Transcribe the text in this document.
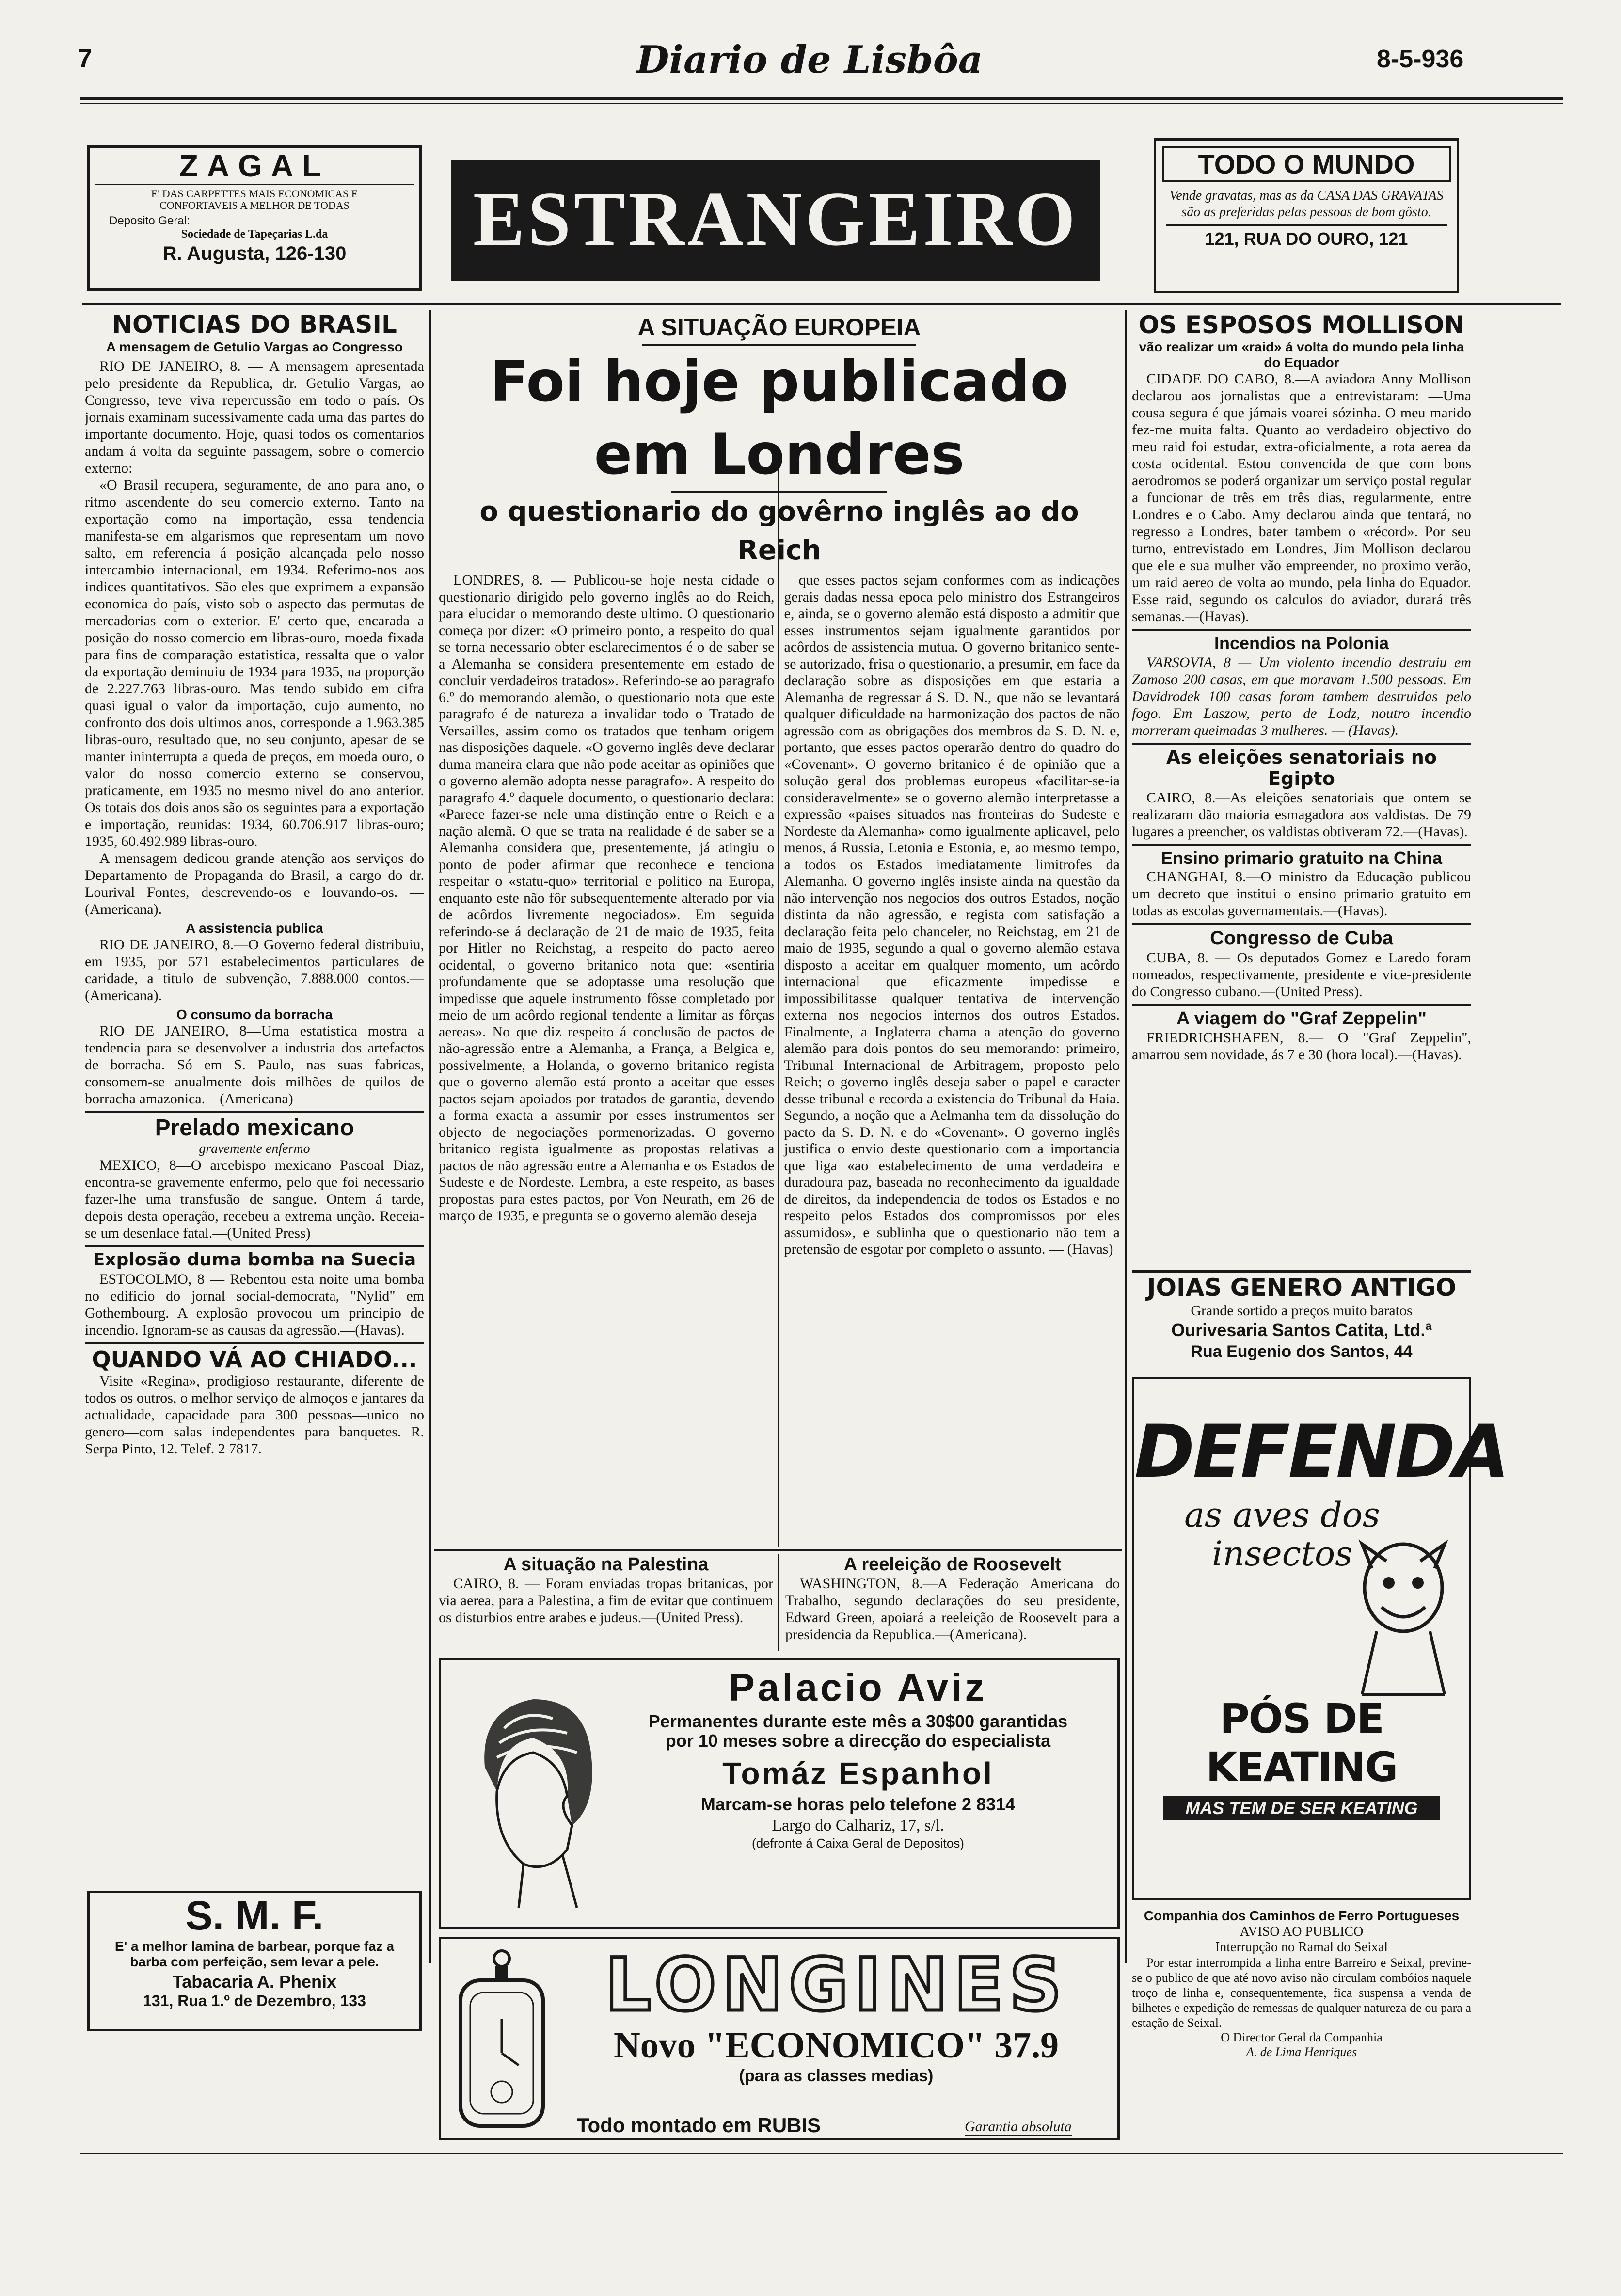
7	Diario de Lisbôa	8-5-936
ZAGAL
E' DAS CARPETTES MAIS ECONOMICAS E CONFORTAVEIS A MELHOR DE TODAS
Deposito Geral:
Sociedade de Tapeçarias L.da
R. Augusta, 126-130	ESTRANGEIRO
TODO O MUNDO
Vende gravatas, mas as da CASA DAS GRAVATAS são as preferidas pelas pessoas de bom gôsto.
121, RUA DO OURO, 121
NOTICIAS DO BRASIL
A mensagem de Getulio Vargas ao Congresso

RIO DE JANEIRO, 8. — A mensagem apresentada pelo presidente da Republica, dr. Getulio Vargas, ao Congresso, teve viva repercussão em todo o país. Os jornais examinam sucessivamente cada uma das partes do importante documento. Hoje, quasi todos os comentarios andam á volta da seguinte passagem, sobre o comercio externo:

«O Brasil recupera, seguramente, de ano para ano, o ritmo ascendente do seu comercio externo. Tanto na exportação como na importação, essa tendencia manifesta-se em algarismos que representam um novo salto, em referencia á posição alcançada pelo nosso intercambio internacional, em 1934. Referimo-nos aos indices quantitativos. São eles que exprimem a expansão economica do país, visto sob o aspecto das permutas de mercadorias com o exterior. E' certo que, encarada a posição do nosso comercio em libras-ouro, moeda fixada para fins de comparação estatistica, ressalta que o valor da exportação deminuiu de 1934 para 1935, na proporção de 2.227.763 libras-ouro. Mas tendo subido em cifra quasi igual o valor da importação, cujo aumento, no confronto dos dois ultimos anos, corresponde a 1.963.385 libras-ouro, resultado que, no seu conjunto, apesar de se manter ininterrupta a queda de preços, em moeda ouro, o valor do nosso comercio externo se conservou, praticamente, em 1935 no mesmo nivel do ano anterior. Os totais dos dois anos são os seguintes para a exportação e importação, reunidas: 1934, 60.706.917 libras-ouro; 1935, 60.492.989 libras-ouro.

A mensagem dedicou grande atenção aos serviços do Departamento de Propaganda do Brasil, a cargo do dr. Lourival Fontes, descrevendo-os e louvando-os. — (Americana).

A assistencia publica

RIO DE JANEIRO, 8.—O Governo federal distribuiu, em 1935, por 571 estabelecimentos particulares de caridade, a titulo de subvenção, 7.888.000 contos.—(Americana).

O consumo da borracha

RIO DE JANEIRO, 8—Uma estatistica mostra a tendencia para se desenvolver a industria dos artefactos de borracha. Só em S. Paulo, nas suas fabricas, consomem-se anualmente dois milhões de quilos de borracha amazonica.—(Americana)

Prelado mexicano
gravemente enfermo

MEXICO, 8—O arcebispo mexicano Pascoal Diaz, encontra-se gravemente enfermo, pelo que foi necessario fazer-lhe uma transfusão de sangue. Ontem á tarde, depois desta operação, recebeu a extrema unção. Receia-se um desenlace fatal.—(United Press)

Explosão duma bomba na Suecia

ESTOCOLMO, 8 — Rebentou esta noite uma bomba no edificio do jornal social-democrata, "Nylid" em Gothembourg. A explosão provocou um principio de incendio. Ignoram-se as causas da agressão.—(Havas).

QUANDO VÁ AO CHIADO...

Visite «Regina», prodigioso restaurante, diferente de todos os outros, o melhor serviço de almoços e jantares da actualidade, capacidade para 300 pessoas—unico no genero—com salas independentes para banquetes. R. Serpa Pinto, 12. Telef. 2 7817.

S. M. F.
E' a melhor lamina de barbear, porque faz a barba com perfeição, sem levar a pele.
Tabacaria A. Phenix
131, Rua 1.º de Dezembro, 133
A SITUAÇÃO EUROPEIA
Foi hoje publicado em Londres
o questionario do govêrno inglês ao do Reich

LONDRES, 8. — Publicou-se hoje nesta cidade o questionario dirigido pelo governo inglês ao do Reich, para elucidar o memorando deste ultimo. O questionario começa por dizer: «O primeiro ponto, a respeito do qual se torna necessario obter esclarecimentos é o de saber se a Alemanha se considera presentemente em estado de concluir verdadeiros tratados». Referindo-se ao paragrafo 6.º do memorando alemão, o questionario nota que este paragrafo é de natureza a invalidar todo o Tratado de Versailles, assim como os tratados que tenham origem nas disposições daquele. «O governo inglês deve declarar duma maneira clara que não pode aceitar as opiniões que o governo alemão adopta nesse paragrafo». A respeito do paragrafo 4.º daquele documento, o questionario declara: «Parece fazer-se nele uma distinção entre o Reich e a nação alemã. O que se trata na realidade é de saber se a Alemanha considera que, presentemente, já atingiu o ponto de poder afirmar que reconhece e tenciona respeitar o «statu-quo» territorial e politico na Europa, enquanto este não fôr subsequentemente alterado por via de acôrdos livremente negociados». Em seguida referindo-se á declaração de 21 de maio de 1935, feita por Hitler no Reichstag, a respeito do pacto aereo ocidental, o governo britanico nota que: «sentiria profundamente que se adoptasse uma resolução que impedisse que aquele instrumento fôsse completado por meio de um acôrdo regional tendente a limitar as fôrças aereas». No que diz respeito á conclusão de pactos de não-agressão entre a Alemanha, a França, a Belgica e, possivelmente, a Holanda, o governo britanico regista que o governo alemão está pronto a aceitar que esses pactos sejam apoiados por tratados de garantia, devendo a forma exacta a assumir por esses instrumentos ser objecto de negociações pormenorizadas. O governo britanico regista igualmente as propostas relativas a pactos de não agressão entre a Alemanha e os Estados de Sudeste e de Nordeste. Lembra, a este respeito, as bases propostas para estes pactos, por Von Neurath, em 26 de março de 1935, e pregunta se o governo alemão deseja

que esses pactos sejam conformes com as indicações gerais dadas nessa epoca pelo ministro dos Estrangeiros e, ainda, se o governo alemão está disposto a admitir que esses instrumentos sejam igualmente garantidos por acôrdos de assistencia mutua. O governo britanico sente-se autorizado, frisa o questionario, a presumir, em face da declaração sobre as disposições em que estaria a Alemanha de regressar á S. D. N., que não se levantará qualquer dificuldade na harmonização dos pactos de não agressão com as obrigações dos membros da S. D. N. e, portanto, que esses pactos operarão dentro do quadro do «Covenant». O governo britanico é de opinião que a solução geral dos problemas europeus «facilitar-se-ia consideravelmente» se o governo alemão interpretasse a expressão «paises situados nas fronteiras do Sudeste e Nordeste da Alemanha» como igualmente aplicavel, pelo menos, á Russia, Letonia e Estonia, e, ao mesmo tempo, a todos os Estados imediatamente limitrofes da Alemanha. O governo inglês insiste ainda na questão da não intervenção nos negocios dos outros Estados, noção distinta da não agressão, e regista com satisfação a declaração feita pelo chanceler, no Reichstag, em 21 de maio de 1935, segundo a qual o governo alemão estava disposto a aceitar em qualquer momento, um acôrdo internacional que eficazmente impedisse e impossibilitasse qualquer tentativa de intervenção externa nos negocios internos dos outros Estados. Finalmente, a Inglaterra chama a atenção do governo alemão para dois pontos do seu memorando: primeiro, Tribunal Internacional de Arbitragem, proposto pelo Reich; o governo inglês deseja saber o papel e caracter desse tribunal e recorda a existencia do Tribunal da Haia. Segundo, a noção que a Aelmanha tem da dissolução do pacto da S. D. N. e do «Covenant». O governo inglês justifica o envio deste questionario com a importancia que liga «ao estabelecimento de uma verdadeira e duradoura paz, baseada no reconhecimento da igualdade de direitos, da independencia de todos os Estados e no respeito pelos Estados dos compromissos por eles assumidos», e sublinha que o questionario não tem a pretensão de esgotar por completo o assunto. — (Havas)

A situação na Palestina

CAIRO, 8. — Foram enviadas tropas britanicas, por via aerea, para a Palestina, a fim de evitar que continuem os disturbios entre arabes e judeus.—(United Press).

A reeleição de Roosevelt

WASHINGTON, 8.—A Federação Americana do Trabalho, segundo declarações do seu presidente, Edward Green, apoiará a reeleição de Roosevelt para a presidencia da Republica.—(Americana).

Palacio Aviz
Permanentes durante este mês a 30$00 garantidas por 10 meses sobre a direcção do especialista
Tomáz Espanhol
Marcam-se horas pelo telefone 2 8314
Largo do Calhariz, 17, s/l.
(defronte á Caixa Geral de Depositos)
LONGINES
Novo "ECONOMICO" 37.9
(para as classes medias)
Todo montado em RUBIS	Garantia absoluta
OS ESPOSOS MOLLISON
vão realizar um «raid» á volta do mundo pela linha do Equador

CIDADE DO CABO, 8.—A aviadora Anny Mollison declarou aos jornalistas que a entrevistaram: —Uma cousa segura é que jámais voarei sózinha. O meu marido fez-me muita falta. Quanto ao verdadeiro objectivo do meu raid foi estudar, extra-oficialmente, a rota aerea da costa ocidental. Estou convencida de que com bons aerodromos se poderá organizar um serviço postal regular a funcionar de três em três dias, regularmente, entre Londres e o Cabo. Amy declarou ainda que tentará, no regresso a Londres, bater tambem o «récord». Por seu turno, entrevistado em Londres, Jim Mollison declarou que ele e sua mulher vão empreender, no proximo verão, um raid aereo de volta ao mundo, pela linha do Equador. Esse raid, segundo os calculos do aviador, durará três semanas.—(Havas).

Incendios na Polonia

VARSOVIA, 8 — Um violento incendio destruiu em Zamoso 200 casas, em que moravam 1.500 pessoas. Em Davidrodek 100 casas foram tambem destruidas pelo fogo. Em Laszow, perto de Lodz, noutro incendio morreram queimadas 3 mulheres. — (Havas).

As eleições senatoriais no Egipto

CAIRO, 8.—As eleições senatoriais que ontem se realizaram dão maioria esmagadora aos valdistas. De 79 lugares a preencher, os valdistas obtiveram 72.—(Havas).

Ensino primario gratuito na China

CHANGHAI, 8.—O ministro da Educação publicou um decreto que institui o ensino primario gratuito em todas as escolas governamentais.—(Havas).

Congresso de Cuba

CUBA, 8. — Os deputados Gomez e Laredo foram nomeados, respectivamente, presidente e vice-presidente do Congresso cubano.—(United Press).

A viagem do "Graf Zeppelin"

FRIEDRICHSHAFEN, 8.— O "Graf Zeppelin", amarrou sem novidade, ás 7 e 30 (hora local).—(Havas).

JOIAS GENERO ANTIGO
Grande sortido a preços muito baratos
Ourivesaria Santos Catita, Ltd.ª
Rua Eugenio dos Santos, 44
DEFENDA
as aves dos insectos
PÓS DE KEATING
MAS TEM DE SER KEATING
Companhia dos Caminhos de Ferro Portugueses
AVISO AO PUBLICO
Interrupção no Ramal do Seixal

Por estar interrompida a linha entre Barreiro e Seixal, previne-se o publico de que até novo aviso não circulam combóios naquele troço de linha e, consequentemente, fica suspensa a venda de bilhetes e expedição de remessas de qualquer natureza de ou para a estação de Seixal.

O Director Geral da Companhia
A. de Lima Henriques
